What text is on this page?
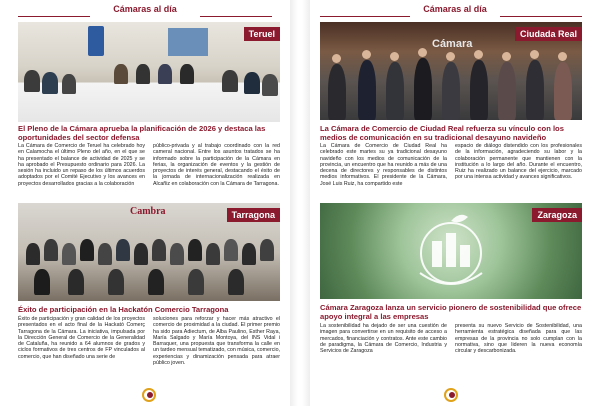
Cámaras al día
Teruel
El Pleno de la Cámara aprueba la planificación de 2026 y destaca las oportunidades del sector defensa

La Cámara de Comercio de Teruel ha celebrado hoy en Calamocha el último Pleno del año, en el que se ha presentado el balance de actividad de 2025 y se ha aprobado el Presupuesto ordinario para 2026. La sesión ha incluido un repaso de los últimos acuerdos adoptados por el Comité Ejecutivo y los avances en proyectos desarrollados gracias a la colaboración

público-privada y al trabajo coordinado con la red cameral nacional. Entre los asuntos tratados se ha informado sobre la participación de la Cámara en ferias, la organización de eventos y la gestión de proyectos de interés general, destacando el éxito de la jornada de internacionalización realizada en Alcañiz en colaboración con la Cámara de Tarragona.

Cambra	Tarragona
Éxito de participación en la Hackatón Comercio Tarragona

Éxito de participación y gran calidad de los proyectos presentados en el acto final de la Hackató Comerç Tarragona de la Cámara. La iniciativa, impulsada por la Dirección General de Comercio de la Generalidad de Cataluña, ha reunido a 64 alumnos de grados y ciclos formativos de tres centros de FP vinculados al comercio, que han diseñado una serie de

soluciones para reforzar y hacer más atractivo el comercio de proximidad a la ciudad. El primer premio ha sido para Adiectum, de Alba Paulino, Esther Raya, María Salgado y María Montoya, del INS Vidal i Barraquer, una propuesta que transforma la calle en un tardeo mensual tematizado, con música, comercio, experiencias y dinamización pensada para atraer público joven.

Cámaras al día
Cámara
Ciudada Real
La Cámara de Comercio de Ciudad Real refuerza su vínculo con los medios de comunicación en su tradicional desayuno navideño

La Cámara de Comercio de Ciudad Real ha celebrado este martes su ya tradicional desayuno navideño con los medios de comunicación de la provincia, un encuentro que ha reunido a más de una decena de directores y responsables de distintos medios informativos. El presidente de la Cámara, José Luis Ruiz, ha compartido este

espacio de diálogo distendido con los profesionales de la información, agradeciendo su labor y la colaboración permanente que mantienen con la institución a lo largo del año. Durante el encuentro, Ruiz ha realizado un balance del ejercicio, marcado por una intensa actividad y avances significativos.

Zaragoza
Cámara Zaragoza lanza un servicio pionero de sostenibilidad que ofrece apoyo integral a las empresas

La sostenibilidad ha dejado de ser una cuestión de imagen para convertirse en un requisito de acceso a mercados, financiación y contratos. Ante este cambio de paradigma, la Cámara de Comercio, Industria y Servicios de Zaragoza

presenta su nuevo Servicio de Sostenibilidad, una herramienta estratégica diseñada para que las empresas de la provincia no solo cumplan con la normativa, sino que lideren la nueva economía circular y descarbonizada.
